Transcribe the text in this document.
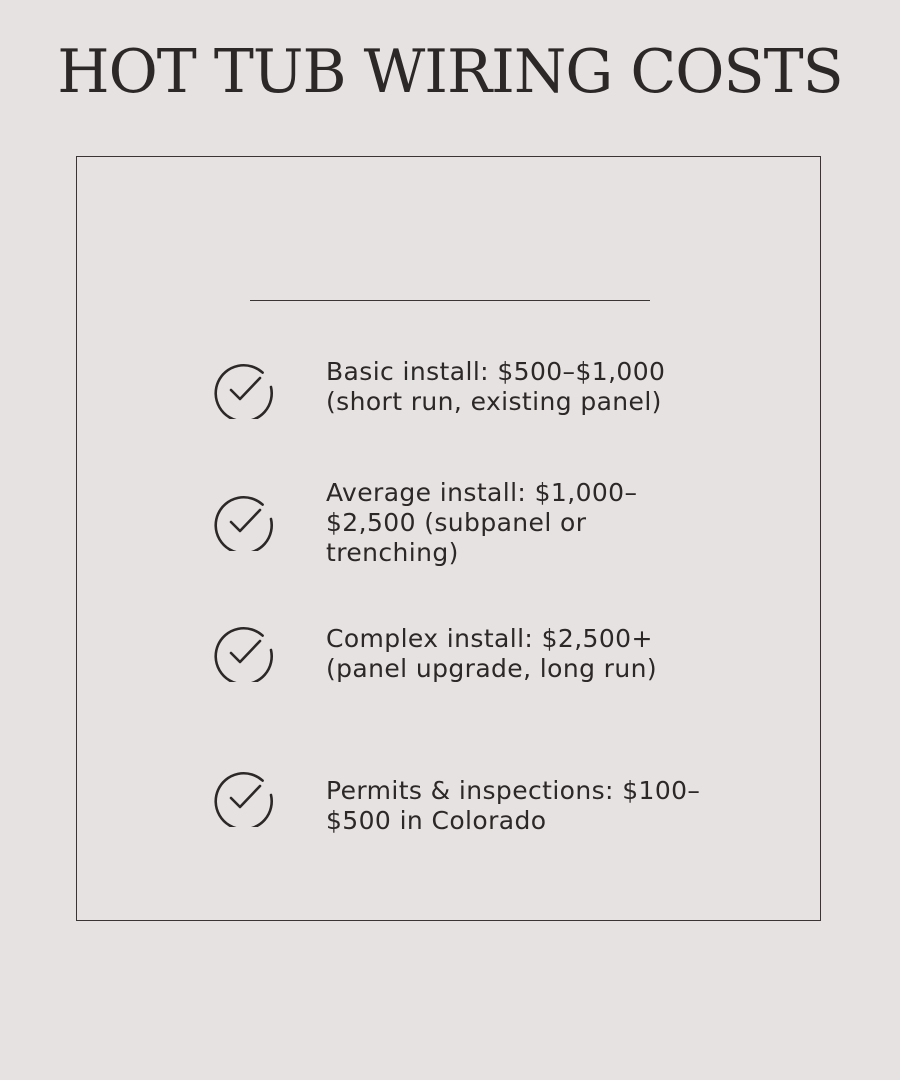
HOT TUB WIRING COSTS
Basic install: $500–$1,000
(short run, existing panel)
Average install: $1,000–
$2,500 (subpanel or
trenching)
Complex install: $2,500+
(panel upgrade, long run)
Permits & inspections: $100–
$500 in Colorado
